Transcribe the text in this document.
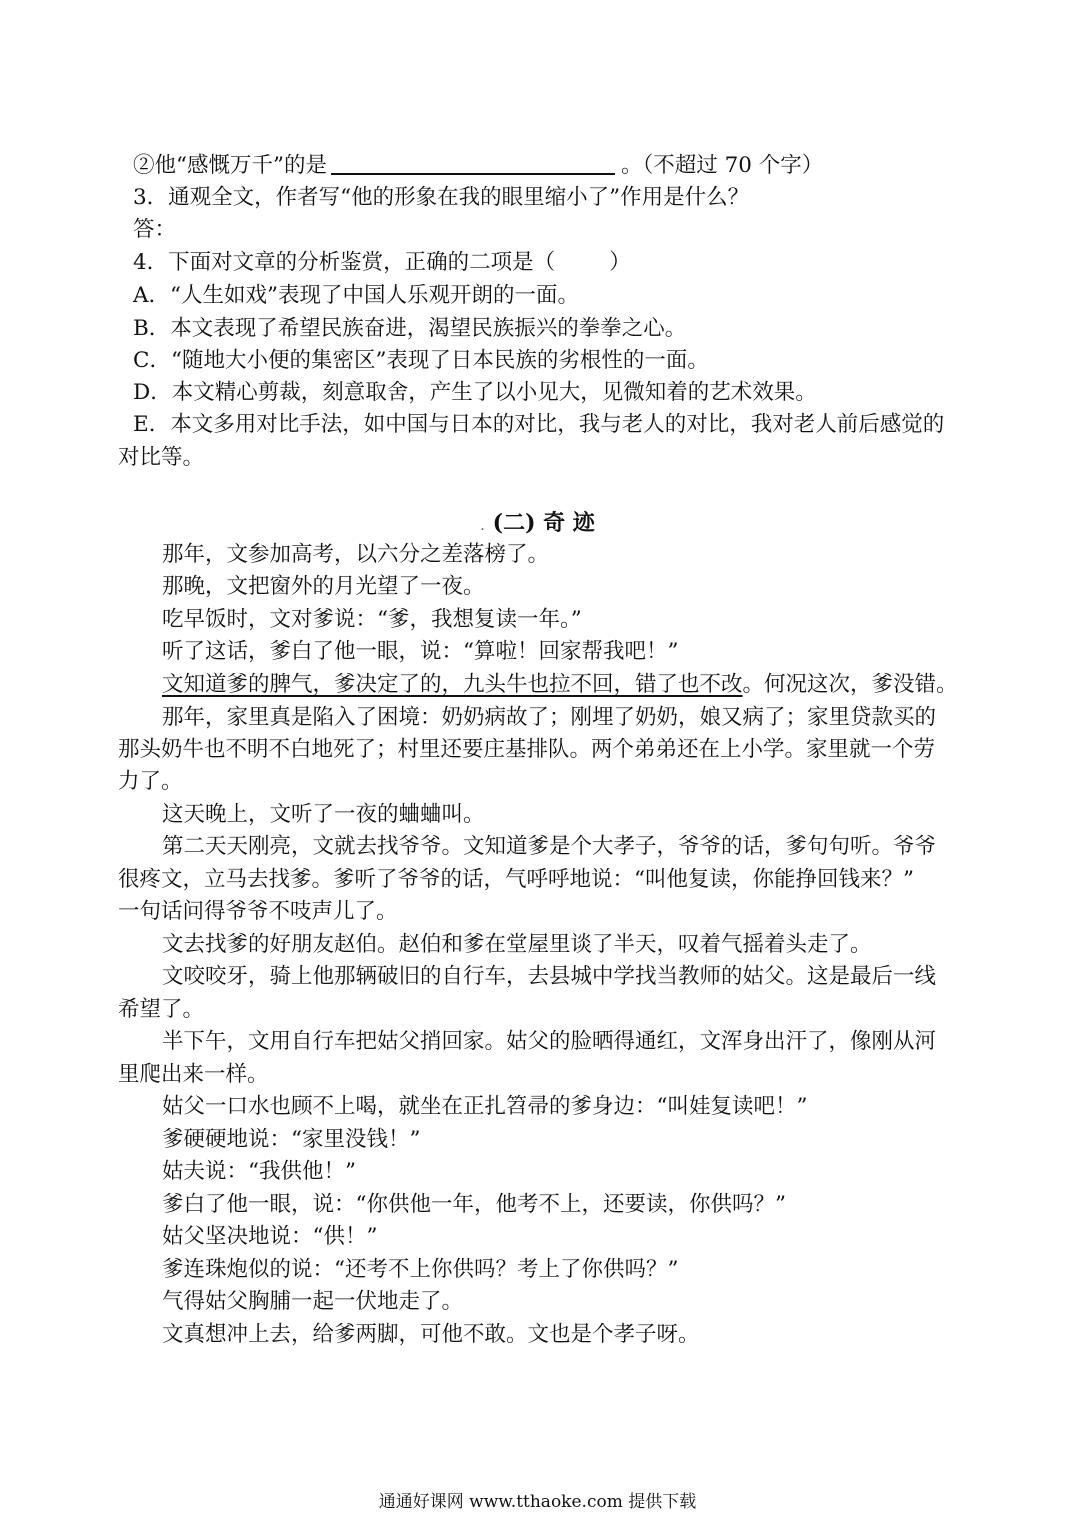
②他“感慨万千”的是	。（不超过 70 个字）
3．通观全文，作者写“他的形象在我的眼里缩小了”作用是什么？
答：
4．下面对文章的分析鉴赏，正确的二项是（	）
A．“人生如戏”表现了中国人乐观开朗的一面。
B．本文表现了希望民族奋进，渴望民族振兴的拳拳之心。
C．“随地大小便的集密区”表现了日本民族的劣根性的一面。
D．本文精心剪裁，刻意取舍，产生了以小见大，见微知着的艺术效果。
E．本文多用对比手法，如中国与日本的对比，我与老人的对比，我对老人前后感觉的
对比等。
. (二) 奇 迹
那年，文参加高考，以六分之差落榜了。
那晚，文把窗外的月光望了一夜。
吃早饭时，文对爹说：“爹，我想复读一年。”
听了这话，爹白了他一眼，说：“算啦！回家帮我吧！”
文知道爹的脾气，爹决定了的，九头牛也拉不回，错了也不改。何况这次，爹没错。
那年，家里真是陷入了困境：奶奶病故了；刚埋了奶奶，娘又病了；家里贷款买的
那头奶牛也不明不白地死了；村里还要庄基排队。两个弟弟还在上小学。家里就一个劳
力了。
这天晚上，文听了一夜的蛐蛐叫。
第二天天刚亮，文就去找爷爷。文知道爹是个大孝子，爷爷的话，爹句句听。爷爷
很疼文，立马去找爹。爹听了爷爷的话，气呼呼地说：“叫他复读，你能挣回钱来？”
一句话问得爷爷不吱声儿了。
文去找爹的好朋友赵伯。赵伯和爹在堂屋里谈了半天，叹着气摇着头走了。
文咬咬牙，骑上他那辆破旧的自行车，去县城中学找当教师的姑父。这是最后一线
希望了。
半下午，文用自行车把姑父捎回家。姑父的脸晒得通红，文浑身出汗了，像刚从河
里爬出来一样。
姑父一口水也顾不上喝，就坐在正扎笤帚的爹身边：“叫娃复读吧！”
爹硬硬地说：“家里没钱！”
姑夫说：“我供他！”
爹白了他一眼，说：“你供他一年，他考不上，还要读，你供吗？”
姑父坚决地说：“供！”
爹连珠炮似的说：“还考不上你供吗？考上了你供吗？”
气得姑父胸脯一起一伏地走了。
文真想冲上去，给爹两脚，可他不敢。文也是个孝子呀。
通通好课网 www.tthaoke.com 提供下载
